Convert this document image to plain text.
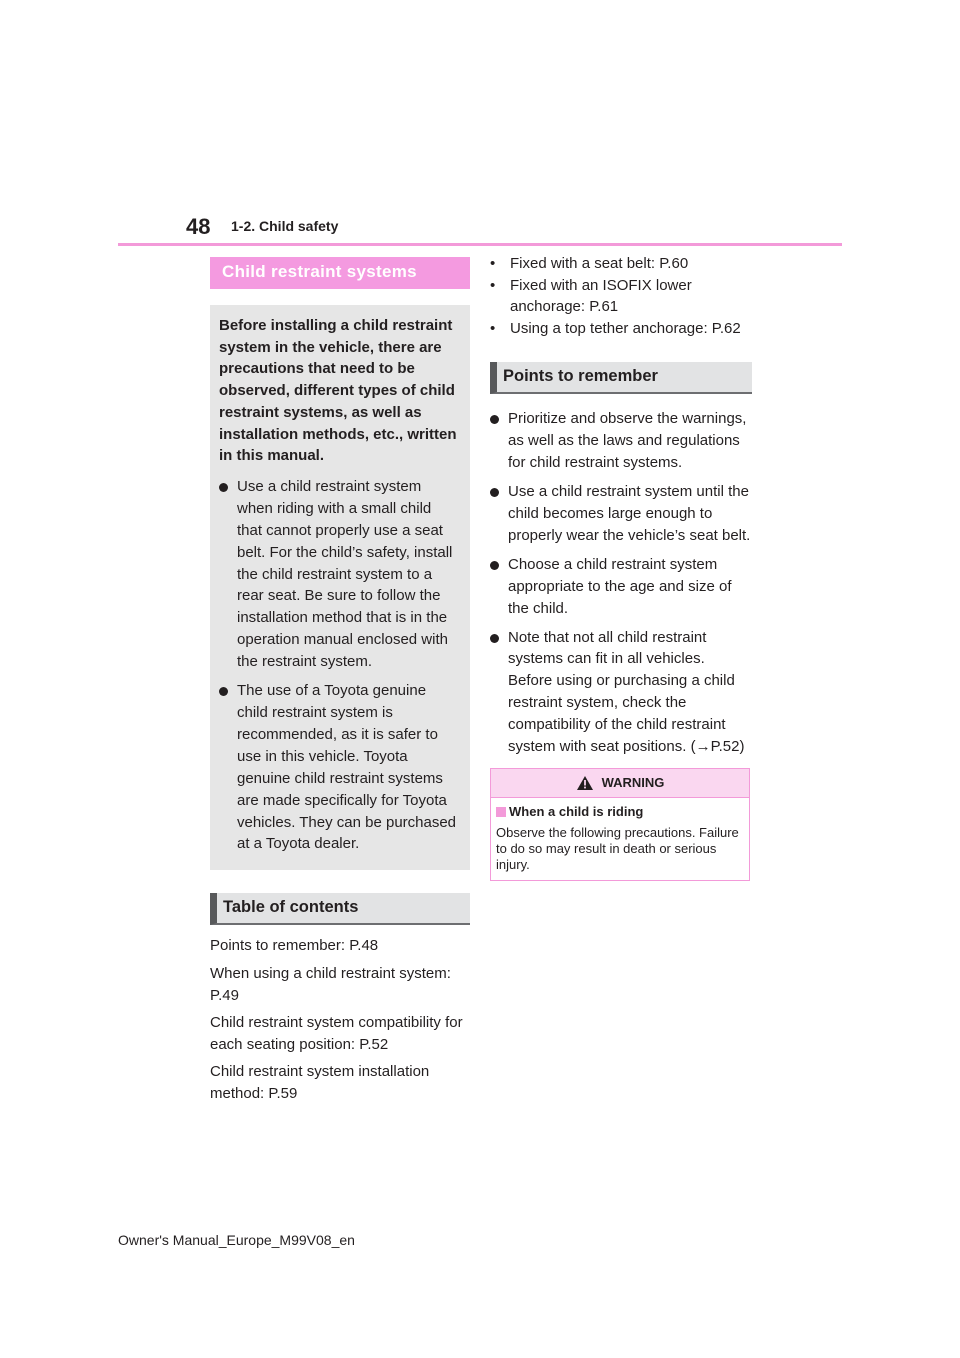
48 1-2. Child safety
Child restraint systems
Before installing a child restraint system in the vehicle, there are precautions that need to be observed, different types of child restraint systems, as well as installation methods, etc., written in this manual.
Use a child restraint system when riding with a small child that cannot properly use a seat belt. For the child’s safety, install the child restraint system to a rear seat. Be sure to follow the installation method that is in the operation manual enclosed with the restraint system.
The use of a Toyota genuine child restraint system is recommended, as it is safer to use in this vehicle. Toyota genuine child restraint systems are made specifically for Toyota vehicles. They can be purchased at a Toyota dealer.
Table of contents

Points to remember: P.48

When using a child restraint system: P.49

Child restraint system compatibility for each seating position: P.52

Child restraint system installation method: P.59

• Fixed with a seat belt: P.60
• Fixed with an ISOFIX lower anchorage: P.61
• Using a top tether anchorage: P.62
Points to remember
Prioritize and observe the warnings, as well as the laws and regulations for child restraint systems.
Use a child restraint system until the child becomes large enough to properly wear the vehicle’s seat belt.
Choose a child restraint system appropriate to the age and size of the child.
Note that not all child restraint systems can fit in all vehicles. Before using or purchasing a child restraint system, check the compatibility of the child restraint system with seat positions. (→P.52)
WARNING
When a child is riding
Observe the following precautions. Failure to do so may result in death or serious injury.
Owner's Manual_Europe_M99V08_en
